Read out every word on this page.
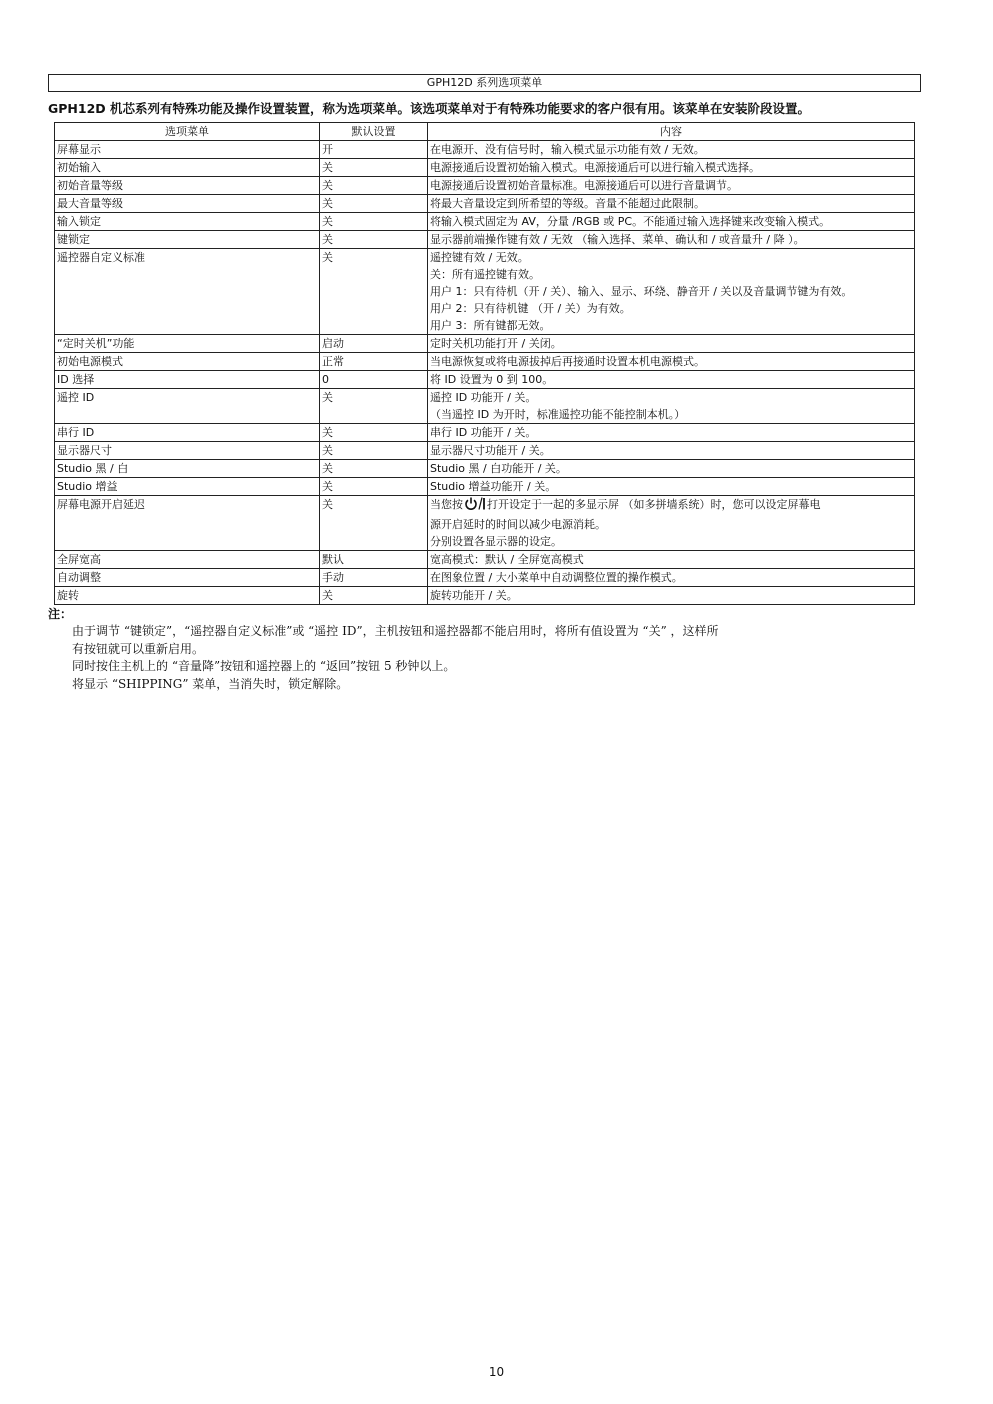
GPH12D 系列选项菜单
GPH12D 机芯系列有特殊功能及操作设置装置，称为选项菜单。该选项菜单对于有特殊功能要求的客户很有用。该菜单在安装阶段设置。
选项菜单	默认设置	内容
屏幕显示	开	在电源开、没有信号时，输入模式显示功能有效 / 无效。

初始输入	关	电源接通后设置初始输入模式。电源接通后可以进行输入模式选择。

初始音量等级	关	电源接通后设置初始音量标准。电源接通后可以进行音量调节。

最大音量等级	关	将最大音量设定到所希望的等级。音量不能超过此限制。

输入锁定	关	将输入模式固定为 AV，分量 /RGB 或 PC。不能通过输入选择键来改变输入模式。

键锁定	关	显示器前端操作键有效 / 无效 （输入选择、菜单、确认和 / 或音量升 / 降 ）。

遥控器自定义标准	关	遥控键有效 / 无效。
关：所有遥控键有效。
用户 1：只有待机（开 / 关）、输入、显示、环绕、静音开 / 关以及音量调节键为有效。
用户 2：只有待机键 （开 / 关）为有效。
用户 3：所有键都无效。

“定时关机”功能	启动	定时关机功能打开 / 关闭。

初始电源模式	正常	当电源恢复或将电源拔掉后再接通时设置本机电源模式。

ID 选择	0	将 ID 设置为 0 到 100。

遥控 ID	关	遥控 ID 功能开 / 关。
（当遥控 ID 为开时，标准遥控功能不能控制本机。）

串行 ID	关	串行 ID 功能开 / 关。

显示器尺寸	关	显示器尺寸功能开 / 关。

Studio 黑 / 白	关	Studio 黑 / 白功能开 / 关。

Studio 增益	关	Studio 增益功能开 / 关。

屏幕电源开启延迟	关	当您按 打开设定于一起的多显示屏 （如多拼墙系统）时，您可以设定屏幕电
源开启延时的时间以减少电源消耗。
分别设置各显示器的设定。

全屏宽高	默认	宽高模式：默认 / 全屏宽高模式

自动调整	手动	在图象位置 / 大小菜单中自动调整位置的操作模式。

旋转	关	旋转功能开 / 关。
注：

由于调节 “键锁定”，“遥控器自定义标准”或 “遥控 ID”，主机按钮和遥控器都不能启用时，将所有值设置为 “关” ，这样所

有按钮就可以重新启用。

同时按住主机上的 “音量降”按钮和遥控器上的 “返回”按钮 5 秒钟以上。

将显示 “SHIPPING” 菜单，当消失时，锁定解除。

10
